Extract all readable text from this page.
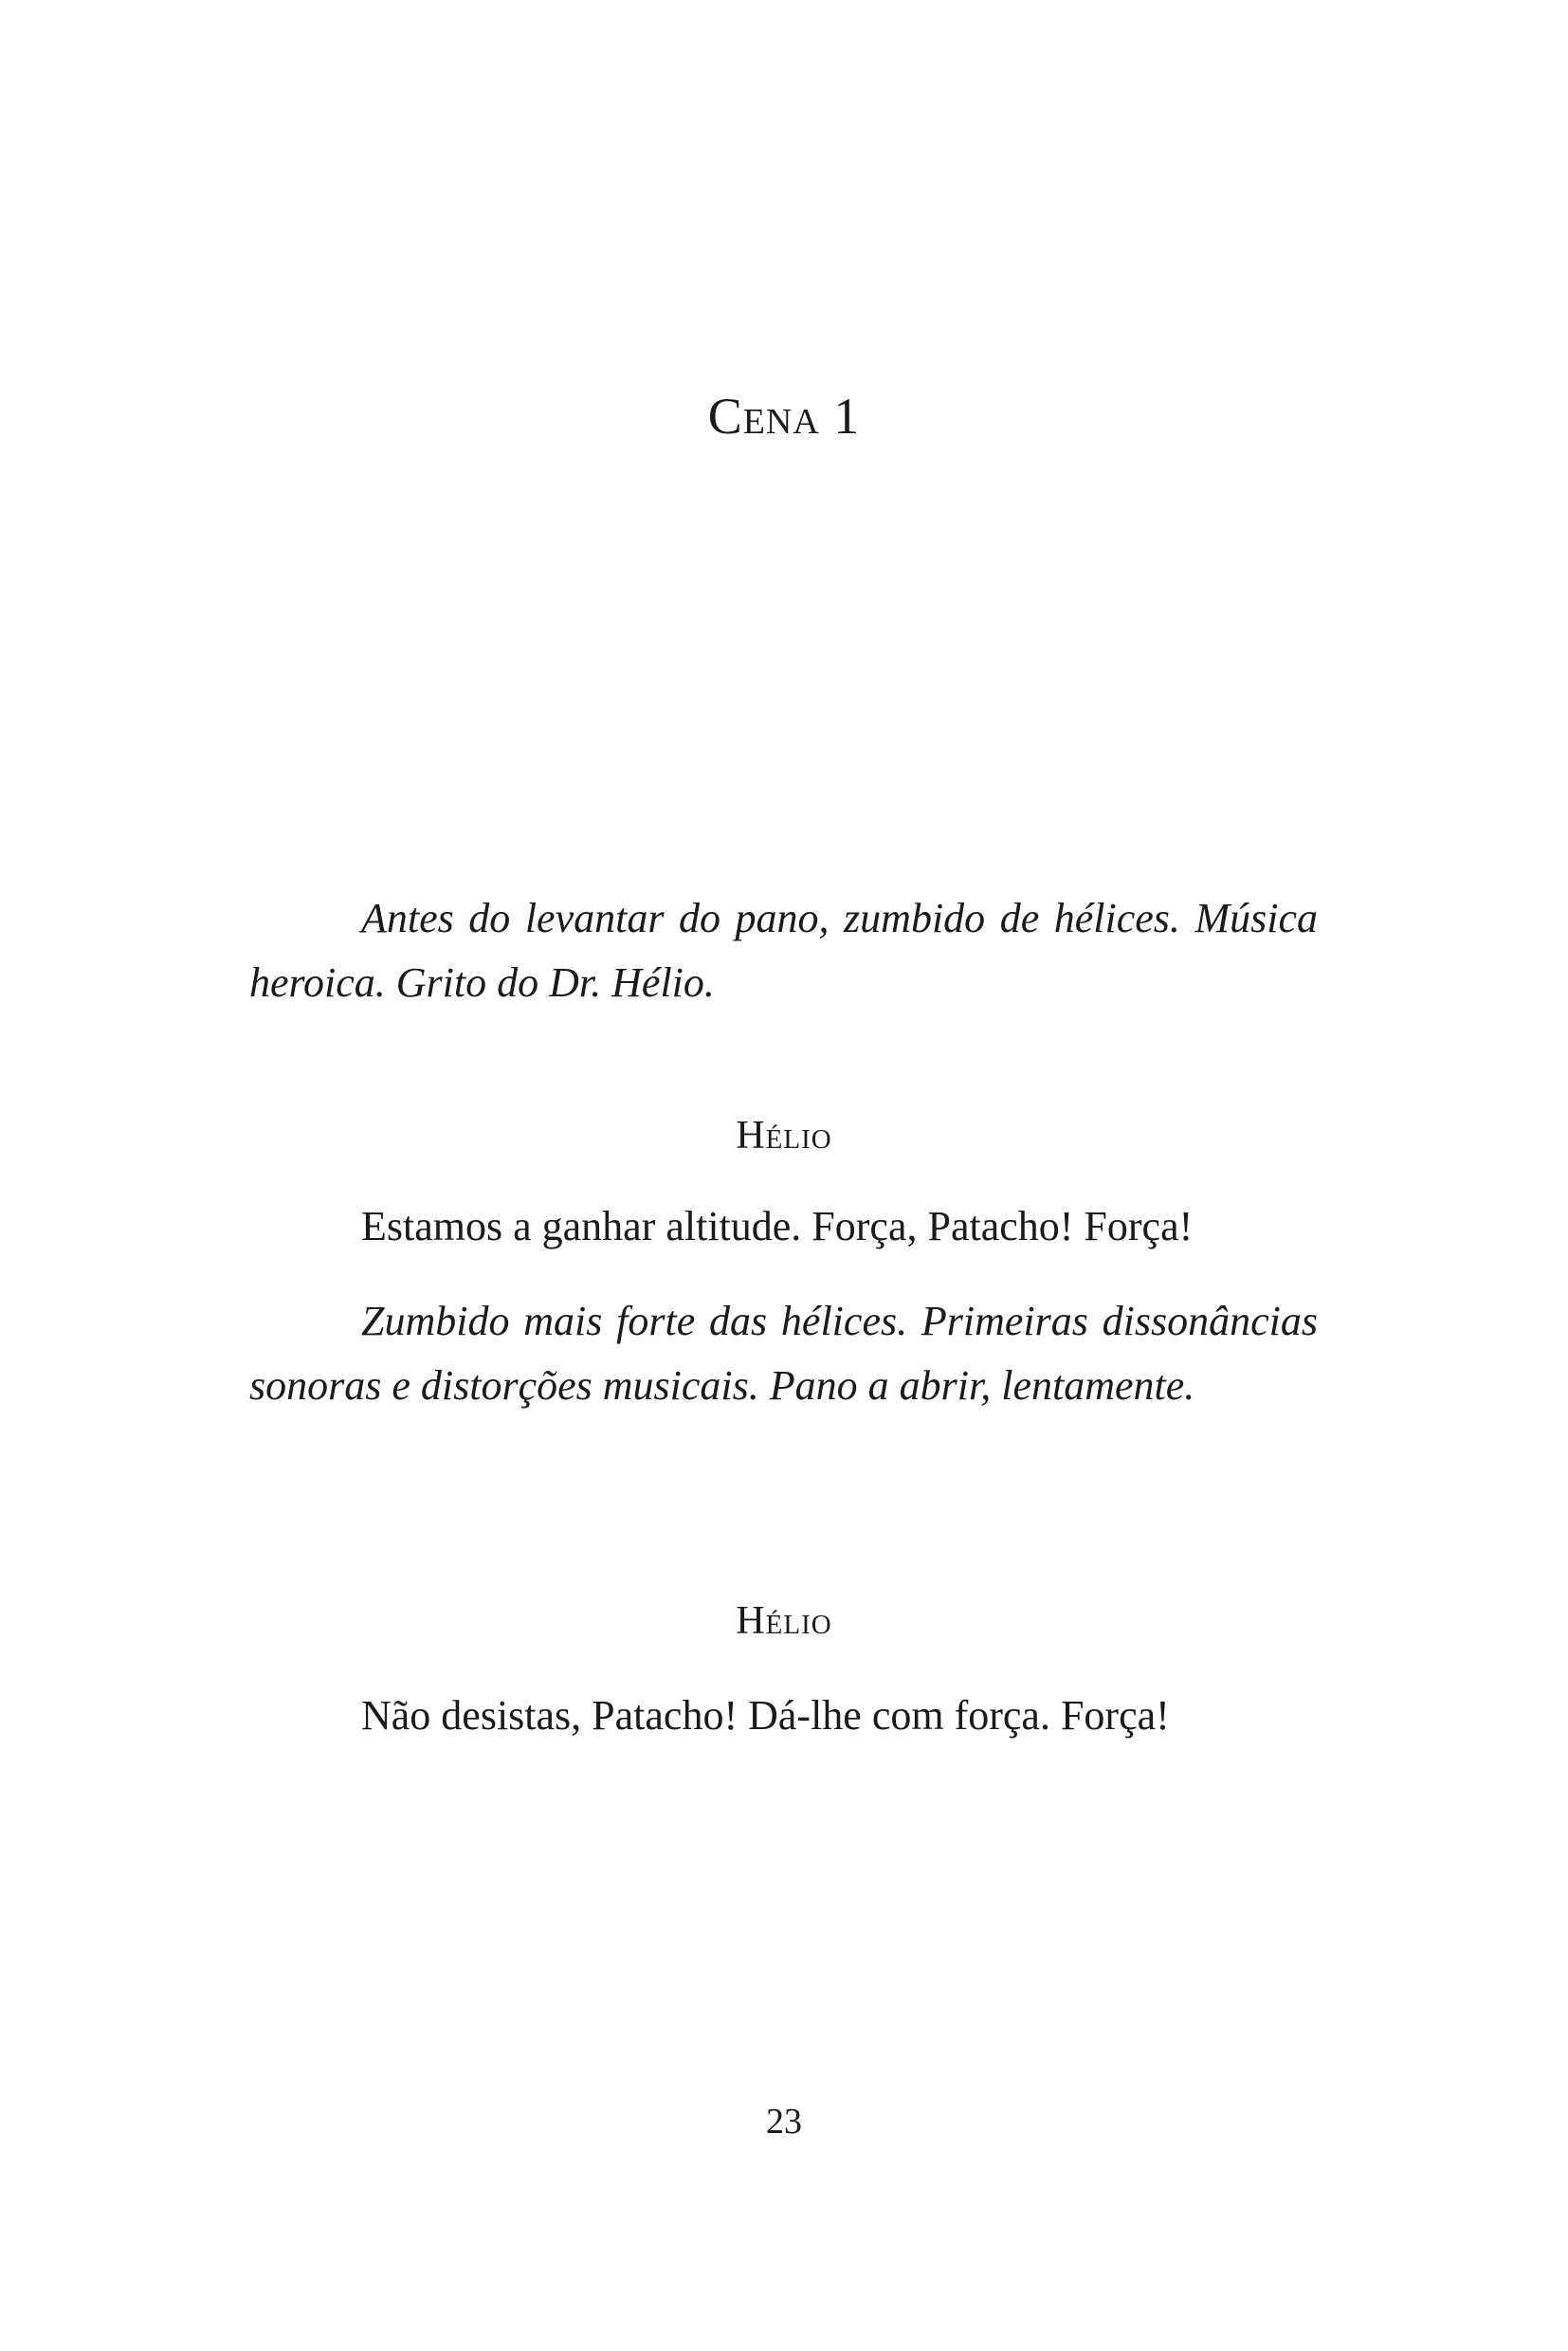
Cena 1

Antes do levantar do pano, zumbido de hélices. Música heroica. Grito do Dr. Hélio.

Hélio

Estamos a ganhar altitude. Força, Patacho! Força!

Zumbido mais forte das hélices. Primeiras dissonâncias sonoras e distorções musicais. Pano a abrir, lentamente.

Hélio

Não desistas, Patacho! Dá-lhe com força. Força!

23
